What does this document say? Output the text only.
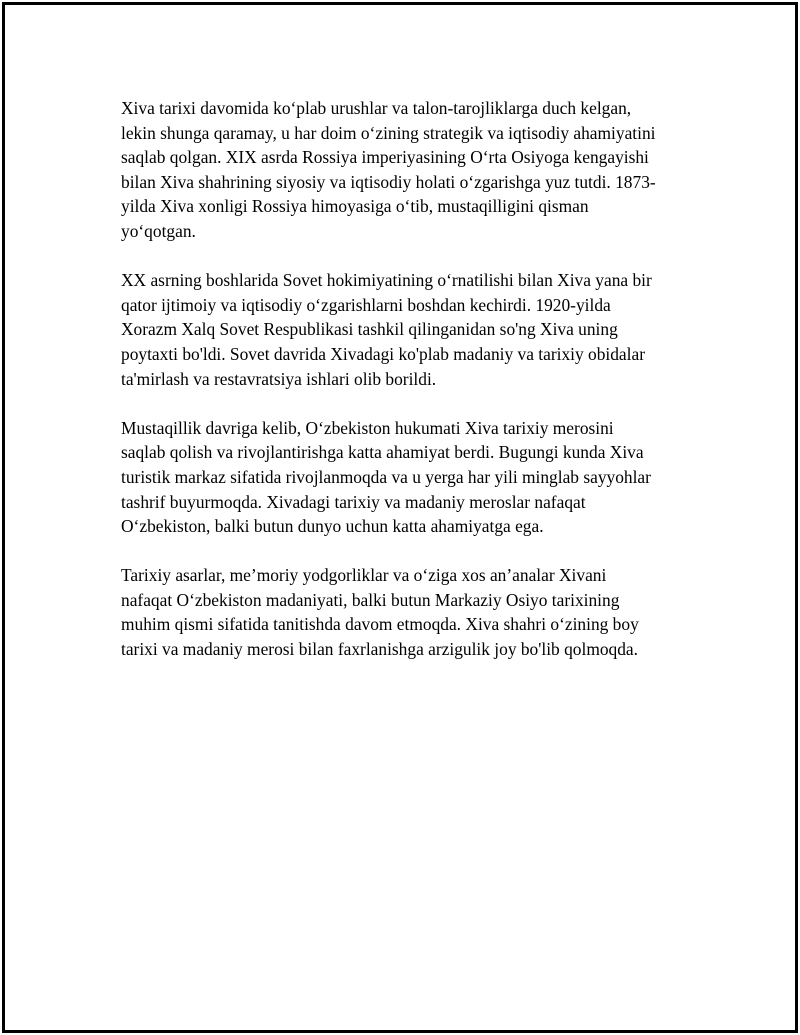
Xiva tarixi davomida ko‘plab urushlar va talon-tarojliklarga duch kelgan,
lekin shunga qaramay, u har doim o‘zining strategik va iqtisodiy ahamiyatini
saqlab qolgan. XIX asrda Rossiya imperiyasining O‘rta Osiyoga kengayishi
bilan Xiva shahrining siyosiy va iqtisodiy holati o‘zgarishga yuz tutdi. 1873-
yilda Xiva xonligi Rossiya himoyasiga o‘tib, mustaqilligini qisman
yo‘qotgan.
XX asrning boshlarida Sovet hokimiyatining o‘rnatilishi bilan Xiva yana bir
qator ijtimoiy va iqtisodiy o‘zgarishlarni boshdan kechirdi. 1920-yilda
Xorazm Xalq Sovet Respublikasi tashkil qilinganidan so'ng Xiva uning
poytaxti bo'ldi. Sovet davrida Xivadagi ko'plab madaniy va tarixiy obidalar
ta'mirlash va restavratsiya ishlari olib borildi.
Mustaqillik davriga kelib, O‘zbekiston hukumati Xiva tarixiy merosini
saqlab qolish va rivojlantirishga katta ahamiyat berdi. Bugungi kunda Xiva
turistik markaz sifatida rivojlanmoqda va u yerga har yili minglab sayyohlar
tashrif buyurmoqda. Xivadagi tarixiy va madaniy meroslar nafaqat
O‘zbekiston, balki butun dunyo uchun katta ahamiyatga ega.
Tarixiy asarlar, me’moriy yodgorliklar va o‘ziga xos an’analar Xivani
nafaqat O‘zbekiston madaniyati, balki butun Markaziy Osiyo tarixining
muhim qismi sifatida tanitishda davom etmoqda. Xiva shahri o‘zining boy
tarixi va madaniy merosi bilan faxrlanishga arzigulik joy bo'lib qolmoqda.
